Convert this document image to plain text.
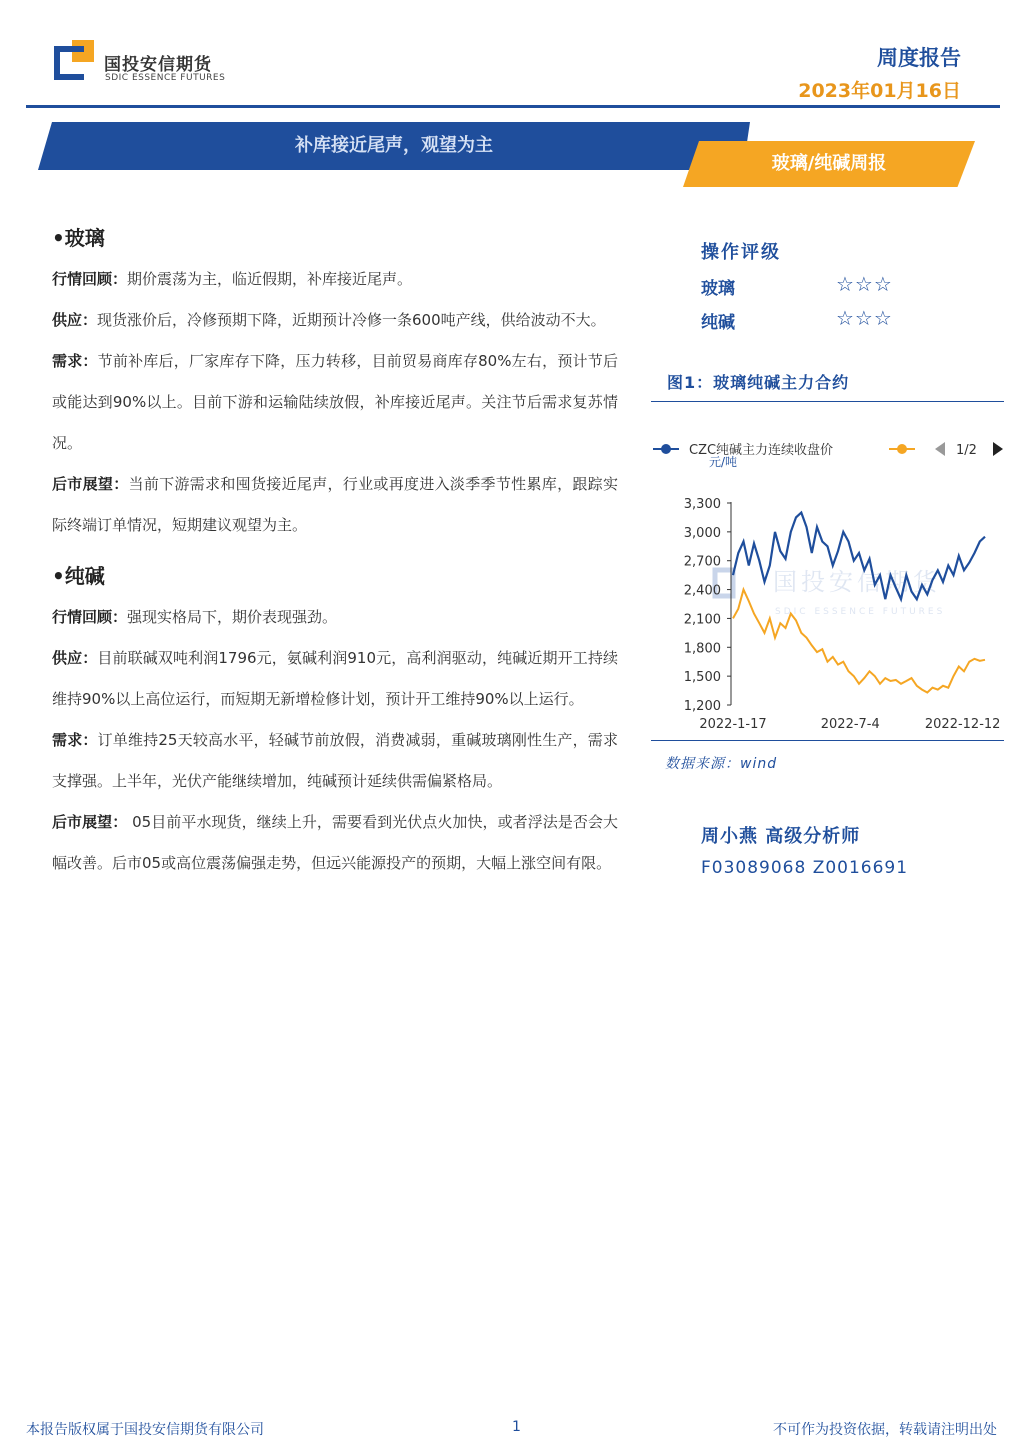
国投安信期货
SDIC ESSENCE FUTURES
周度报告
2023年01月16日
补库接近尾声，观望为主
玻璃/纯碱周报
•玻璃

行情回顾：期价震荡为主，临近假期，补库接近尾声。

供应：现货涨价后，冷修预期下降，近期预计冷修一条600吨产线，供给波动不大。

需求：节前补库后，厂家库存下降，压力转移，目前贸易商库存80%左右，预计节后或能达到90%以上。目前下游和运输陆续放假，补库接近尾声。关注节后需求复苏情况。

后市展望：当前下游需求和囤货接近尾声，行业或再度进入淡季季节性累库，跟踪实际终端订单情况，短期建议观望为主。

•纯碱

行情回顾：强现实格局下，期价表现强劲。

供应：目前联碱双吨利润1796元，氨碱利润910元，高利润驱动，纯碱近期开工持续维持90%以上高位运行，而短期无新增检修计划，预计开工维持90%以上运行。

需求：订单维持25天较高水平，轻碱节前放假，消费减弱，重碱玻璃刚性生产，需求支撑强。上半年，光伏产能继续增加，纯碱预计延续供需偏紧格局。

后市展望： 05目前平水现货，继续上升，需要看到光伏点火加快，或者浮法是否会大幅改善。后市05或高位震荡偏强走势，但远兴能源投产的预期，大幅上涨空间有限。

操作评级
玻璃	☆☆☆
纯碱	☆☆☆
图1：玻璃纯碱主力合约
CZC纯碱主力连续收盘价	1/2
元/吨
国投安信期货
SDIC ESSENCE FUTURES
3,300
3,000
2,700
2,400
2,100
1,800
1,500
1,200
2022-1-17	2022-7-4	2022-12-12
数据来源：wind
周小燕 高级分析师
F03089068 Z0016691
本报告版权属于国投安信期货有限公司	1	不可作为投资依据，转载请注明出处
